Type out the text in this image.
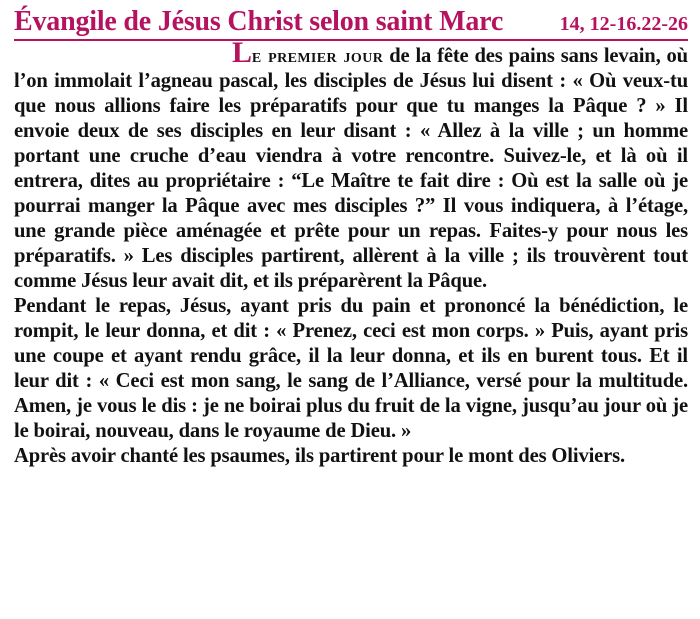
Évangile de Jésus Christ selon saint Marc	14, 12-16.22-26

Le premier jour de la fête des pains sans levain, où l’on immolait l’agneau pascal, les disciples de Jésus lui disent : « Où veux-tu que nous allions faire les préparatifs pour que tu manges la Pâque ? » Il envoie deux de ses disciples en leur disant : « Allez à la ville ; un homme portant une cruche d’eau viendra à votre rencontre. Suivez-le, et là où il entrera, dites au propriétaire : “Le Maître te fait dire : Où est la salle où je pourrai manger la Pâque avec mes disciples ?” Il vous indiquera, à l’étage, une grande pièce aménagée et prête pour un repas. Faites-y pour nous les préparatifs. » Les disciples partirent, allèrent à la ville ; ils trouvèrent tout comme Jésus leur avait dit, et ils préparèrent la Pâque.

Pendant le repas, Jésus, ayant pris du pain et prononcé la bénédiction, le rompit, le leur donna, et dit : « Prenez, ceci est mon corps. » Puis, ayant pris une coupe et ayant rendu grâce, il la leur donna, et ils en burent tous. Et il leur dit : « Ceci est mon sang, le sang de l’Alliance, versé pour la multitude. Amen, je vous le dis : je ne boirai plus du fruit de la vigne, jusqu’au jour où je le boirai, nouveau, dans le royaume de Dieu. »

Après avoir chanté les psaumes, ils partirent pour le mont des Oliviers.
